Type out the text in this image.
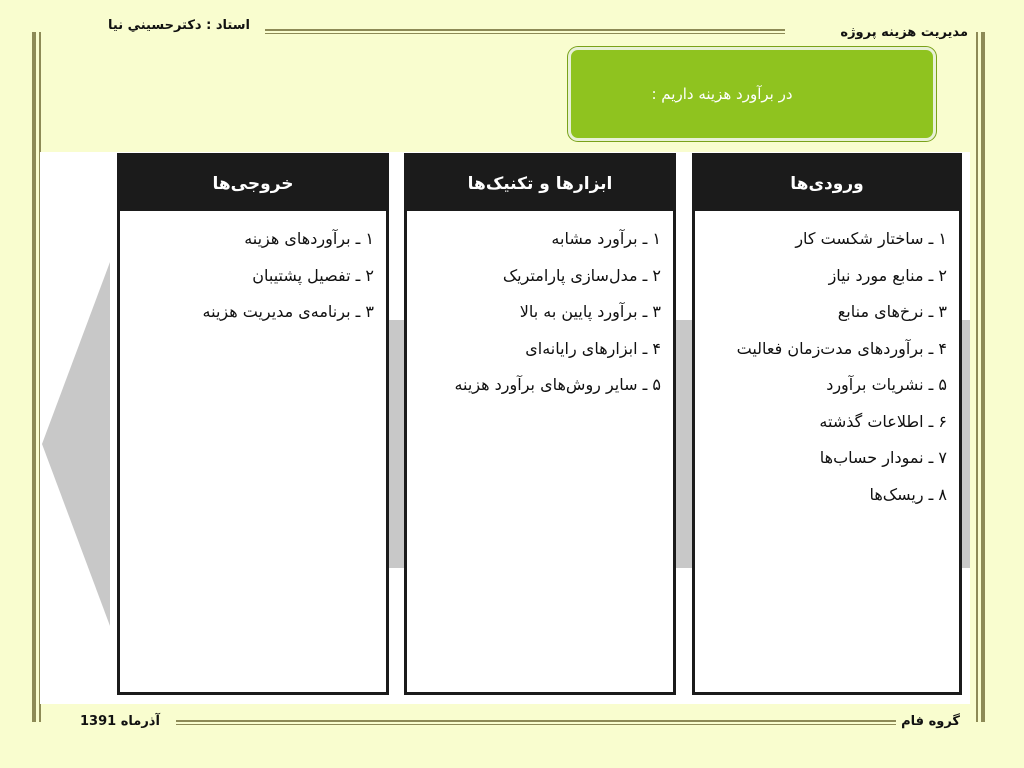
مديريت هزينه پروژه
استاد : دکترحسيني نيا
در برآورد هزینه داریم :
ورودی‌ها
۱ ـ ساختار شکست کار
۲ ـ منابع مورد نیاز
۳ ـ نرخ‌های منابع
۴ ـ برآوردهای مدت‌زمان فعالیت
۵ ـ نشریات برآورد
۶ ـ اطلاعات گذشته
۷ ـ نمودار حساب‌ها
۸ ـ ریسک‌ها
ابزارها و تکنیک‌ها
۱ ـ برآورد مشابه
۲ ـ مدل‌سازی پارامتریک
۳ ـ برآورد پایین به بالا
۴ ـ ابزارهای رایانه‌ای
۵ ـ سایر روش‌های برآورد هزینه
خروجی‌ها
۱ ـ برآوردهای هزینه
۲ ـ تفصیل پشتیبان
۳ ـ برنامه‌ی مدیریت هزینه
گروه فام
آذرماه 1391
